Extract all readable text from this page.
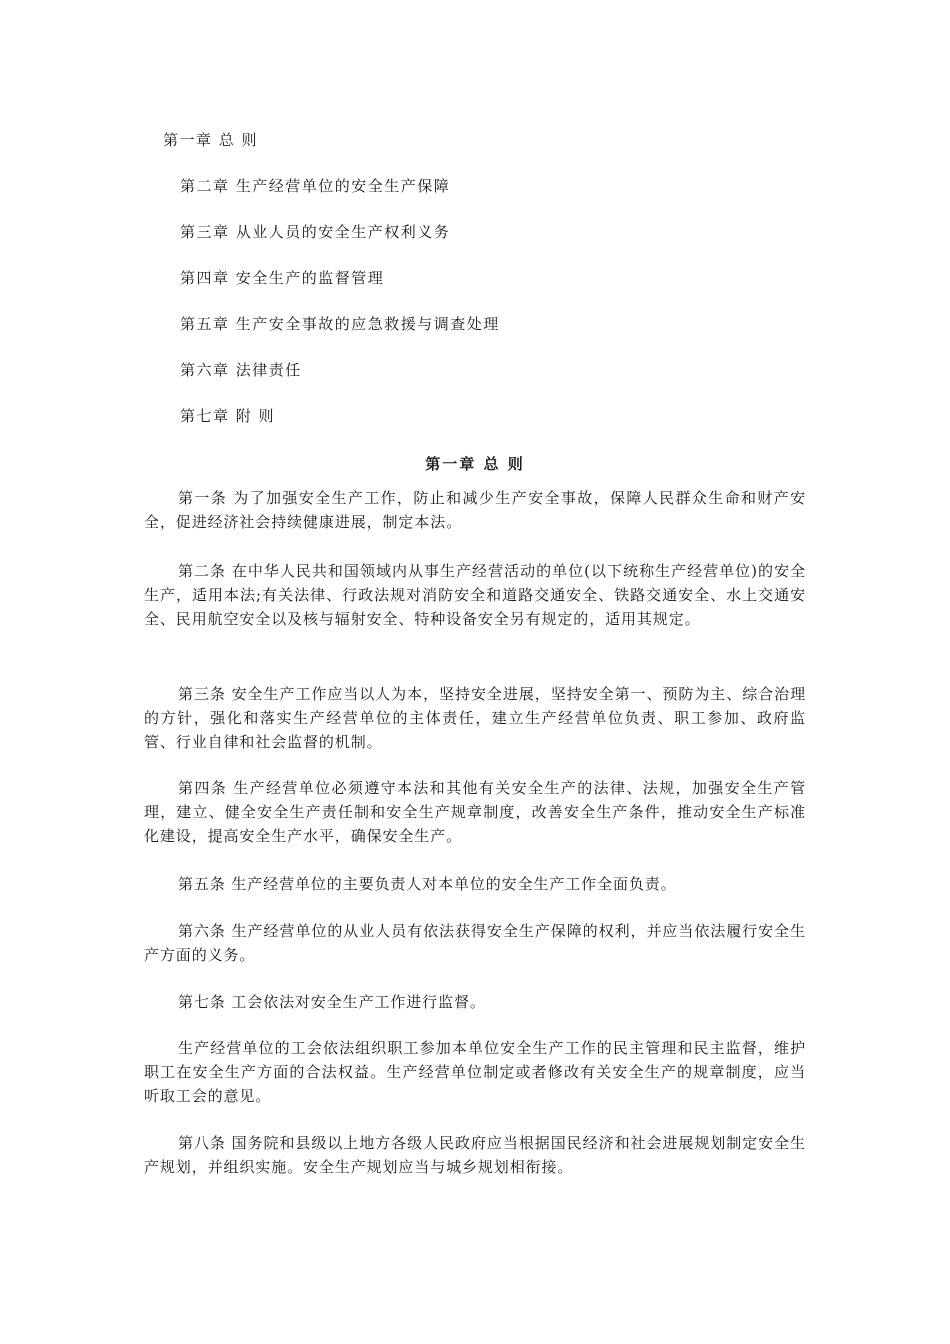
第一章 总 则
第二章 生产经营单位的安全生产保障
第三章 从业人员的安全生产权利义务
第四章 安全生产的监督管理
第五章 生产安全事故的应急救援与调查处理
第六章 法律责任
第七章 附 则
第一章 总 则

第一条 为了加强安全生产工作，防止和减少生产安全事故，保障人民群众生命和财产安全，促进经济社会持续健康进展，制定本法。

第二条 在中华人民共和国领域内从事生产经营活动的单位(以下统称生产经营单位)的安全生产，适用本法;有关法律、行政法规对消防安全和道路交通安全、铁路交通安全、水上交通安全、民用航空安全以及核与辐射安全、特种设备安全另有规定的，适用其规定。

第三条 安全生产工作应当以人为本，坚持安全进展，坚持安全第一、预防为主、综合治理的方针，强化和落实生产经营单位的主体责任，建立生产经营单位负责、职工参加、政府监管、行业自律和社会监督的机制。

第四条 生产经营单位必须遵守本法和其他有关安全生产的法律、法规，加强安全生产管理，建立、健全安全生产责任制和安全生产规章制度，改善安全生产条件，推动安全生产标准化建设，提高安全生产水平，确保安全生产。

第五条 生产经营单位的主要负责人对本单位的安全生产工作全面负责。

第六条 生产经营单位的从业人员有依法获得安全生产保障的权利，并应当依法履行安全生产方面的义务。

第七条 工会依法对安全生产工作进行监督。

生产经营单位的工会依法组织职工参加本单位安全生产工作的民主管理和民主监督，维护职工在安全生产方面的合法权益。生产经营单位制定或者修改有关安全生产的规章制度，应当听取工会的意见。

第八条 国务院和县级以上地方各级人民政府应当根据国民经济和社会进展规划制定安全生产规划，并组织实施。安全生产规划应当与城乡规划相衔接。
